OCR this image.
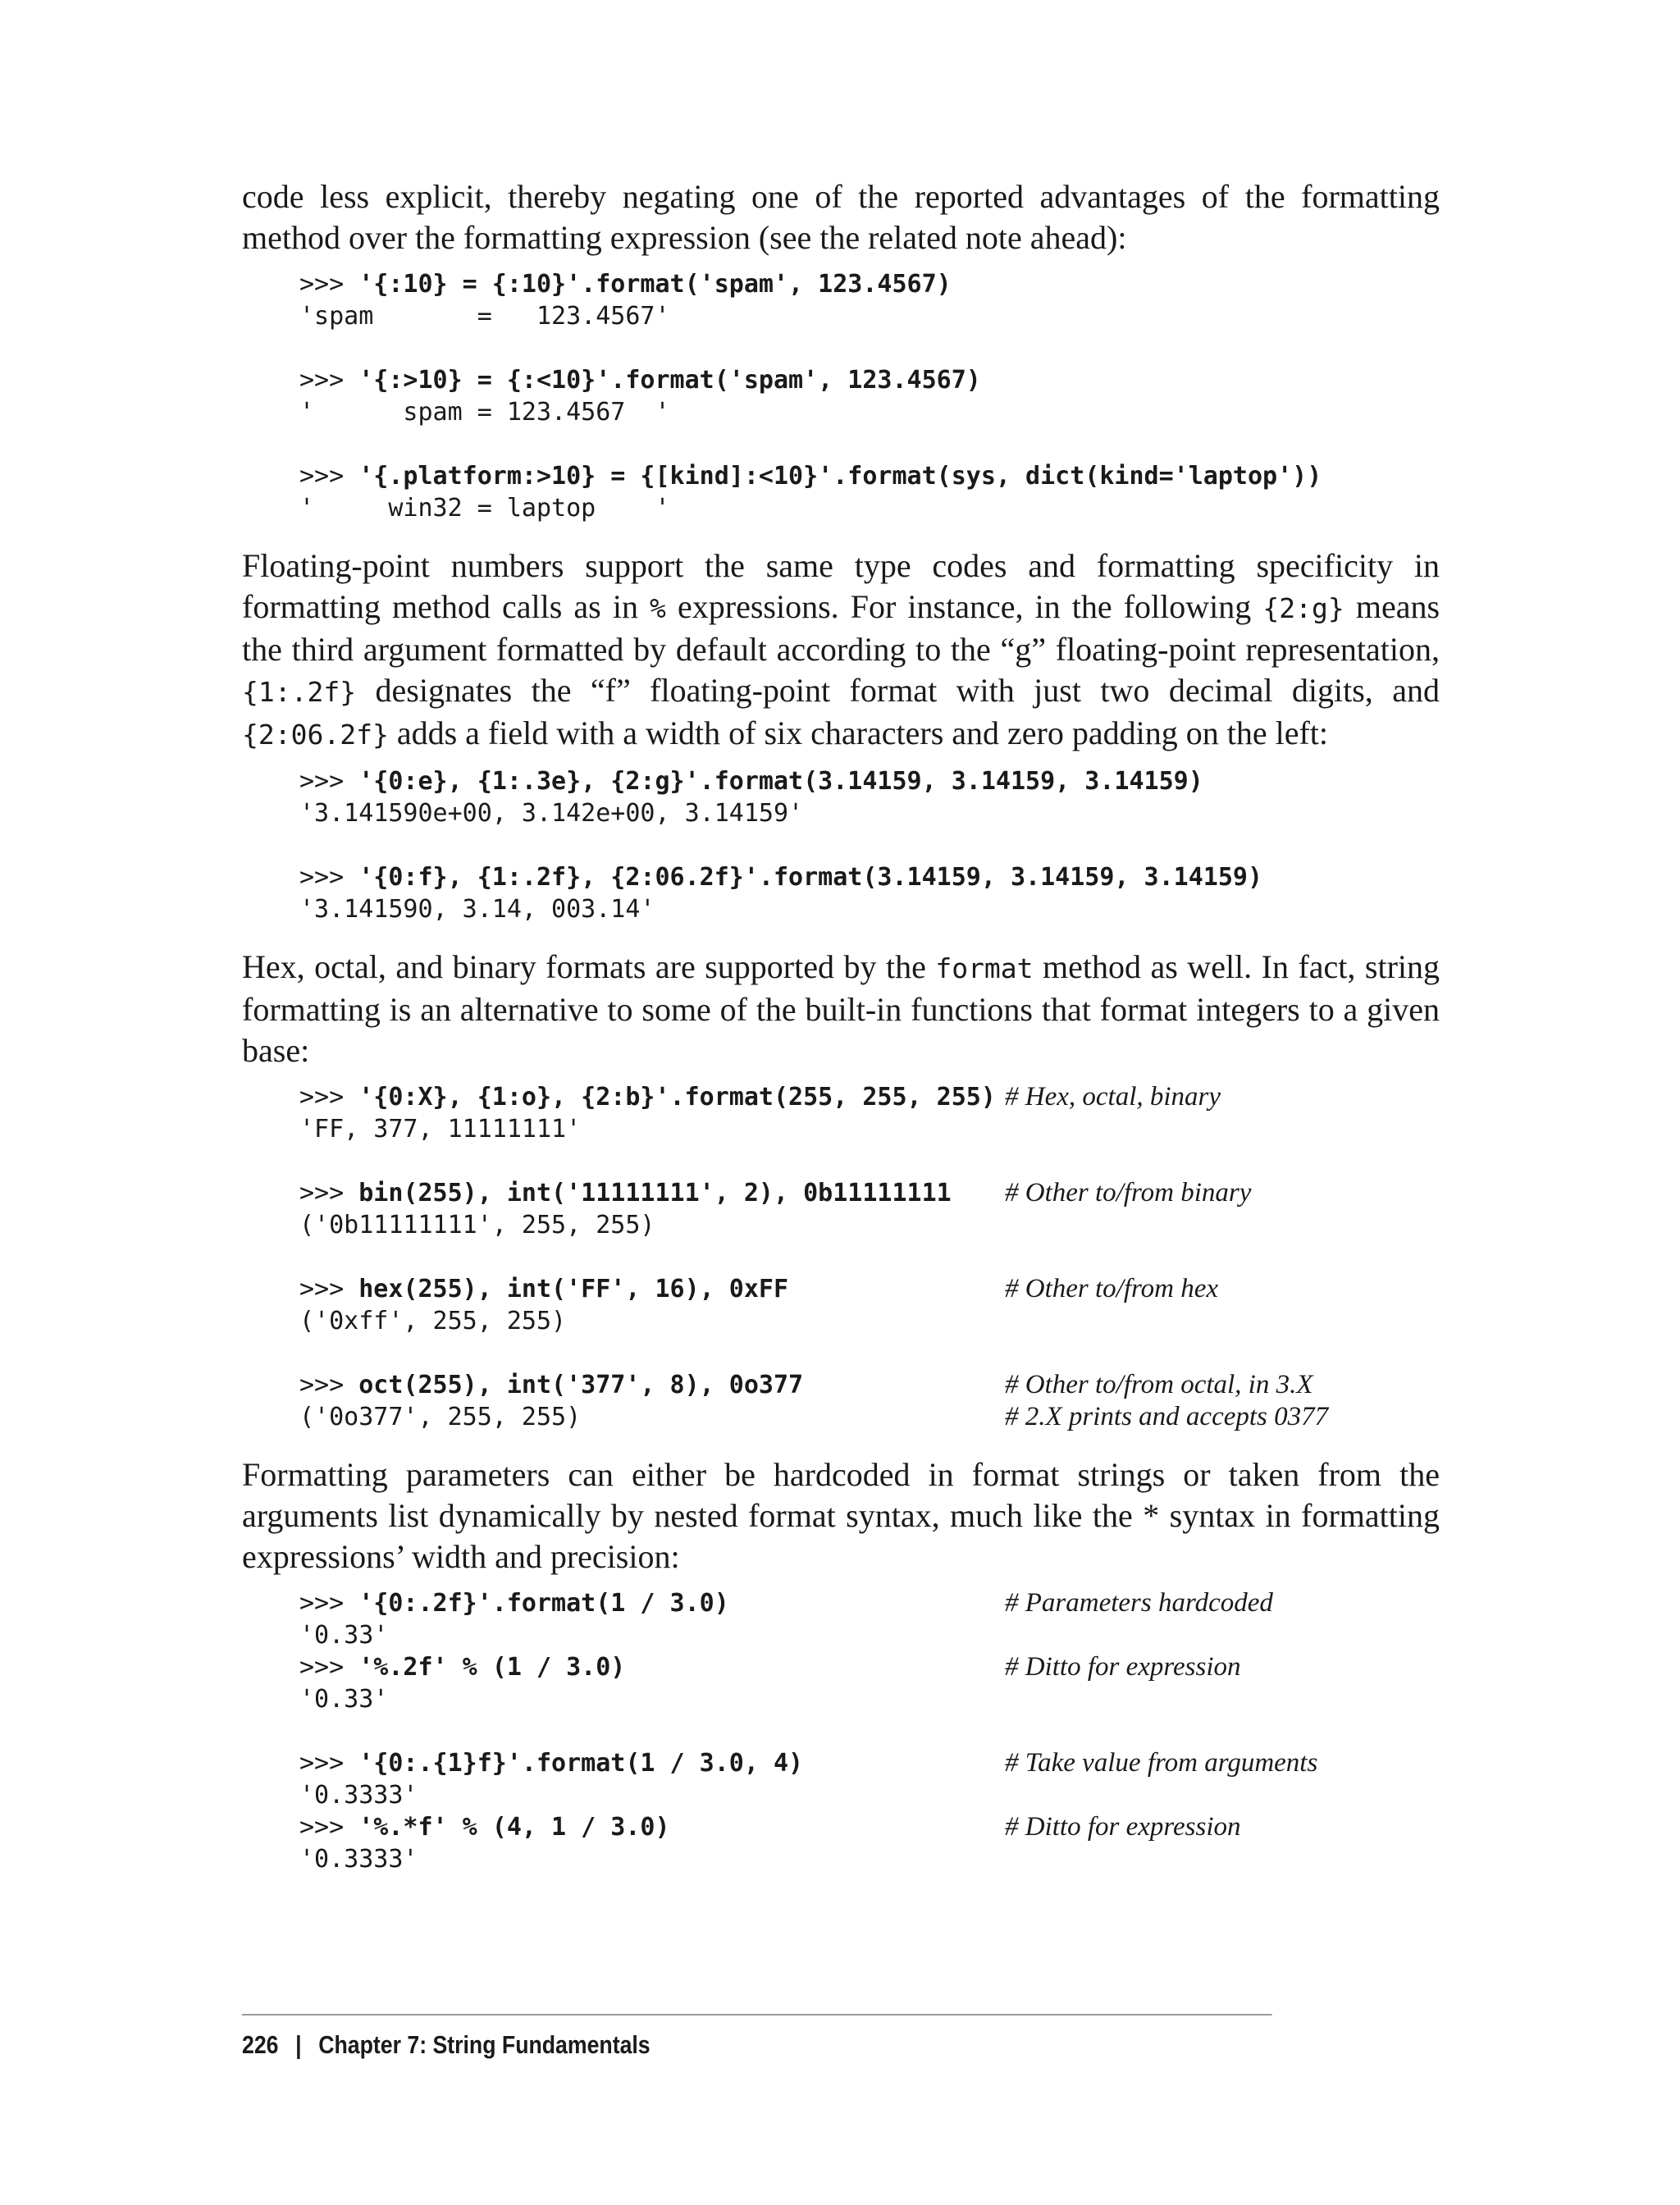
code less explicit, thereby negating one of the reported advantages of the formatting method over the formatting expression (see the related note ahead):

>>> '{:10} = {:10}'.format('spam', 123.4567)
'spam       =   123.4567'
>>> '{:>10} = {:<10}'.format('spam', 123.4567)
'      spam = 123.4567  '
>>> '{.platform:>10} = {[kind]:<10}'.format(sys, dict(kind='laptop'))
'     win32 = laptop    '

Floating-point numbers support the same type codes and formatting specificity in formatting method calls as in % expressions. For instance, in the following {2:g} means the third argument formatted by default according to the “g” floating-point representation, {1:.2f} designates the “f” floating-point format with just two decimal digits, and {2:06.2f} adds a field with a width of six characters and zero padding on the left:

>>> '{0:e}, {1:.3e}, {2:g}'.format(3.14159, 3.14159, 3.14159)
'3.141590e+00, 3.142e+00, 3.14159'
>>> '{0:f}, {1:.2f}, {2:06.2f}'.format(3.14159, 3.14159, 3.14159)
'3.141590, 3.14, 003.14'

Hex, octal, and binary formats are supported by the format method as well. In fact, string formatting is an alternative to some of the built-in functions that format integers to a given base:

>>> '{0:X}, {1:o}, {2:b}'.format(255, 255, 255) # Hex, octal, binary
'FF, 377, 11111111'
>>> bin(255), int('11111111', 2), 0b11111111	# Other to/from binary
('0b11111111', 255, 255)
>>> hex(255), int('FF', 16), 0xFF	# Other to/from hex
('0xff', 255, 255)
>>> oct(255), int('377', 8), 0o377	# Other to/from octal, in 3.X
('0o377', 255, 255)	# 2.X prints and accepts 0377

Formatting parameters can either be hardcoded in format strings or taken from the arguments list dynamically by nested format syntax, much like the * syntax in formatting expressions’ width and precision:

>>> '{0:.2f}'.format(1 / 3.0)	# Parameters hardcoded
'0.33'
>>> '%.2f' % (1 / 3.0)	# Ditto for expression
'0.33'
>>> '{0:.{1}f}'.format(1 / 3.0, 4)	# Take value from arguments
'0.3333'
>>> '%.*f' % (4, 1 / 3.0)	# Ditto for expression
'0.3333'
226 | Chapter 7: String Fundamentals
